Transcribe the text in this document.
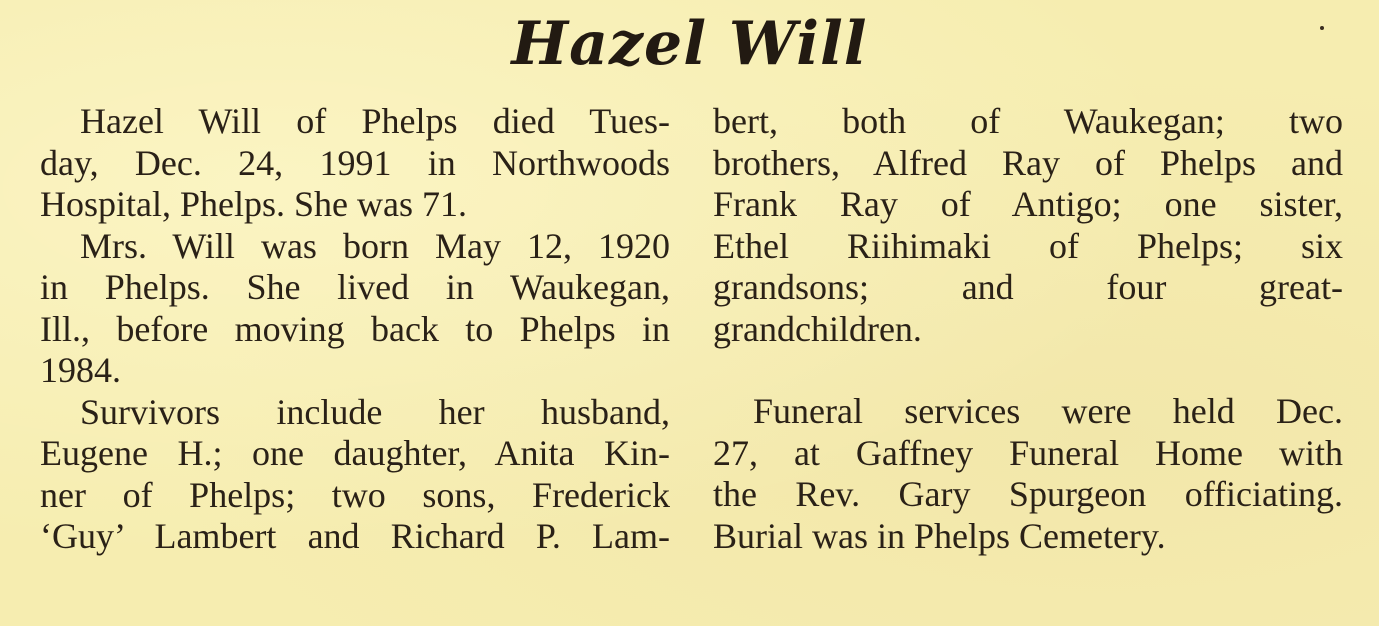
Hazel Will
Hazel Will of Phelps died Tues-
day, Dec. 24, 1991 in Northwoods
Hospital, Phelps. She was 71.
Mrs. Will was born May 12, 1920
in Phelps. She lived in Waukegan,
Ill., before moving back to Phelps in
1984.
Survivors include her husband,
Eugene H.; one daughter, Anita Kin-
ner of Phelps; two sons, Frederick
‘Guy’ Lambert and Richard P. Lam-
bert, both of Waukegan; two
brothers, Alfred Ray of Phelps and
Frank Ray of Antigo; one sister,
Ethel Riihimaki of Phelps; six
grandsons; and four great-
grandchildren.
Funeral services were held Dec.
27, at Gaffney Funeral Home with
the Rev. Gary Spurgeon officiating.
Burial was in Phelps Cemetery.
